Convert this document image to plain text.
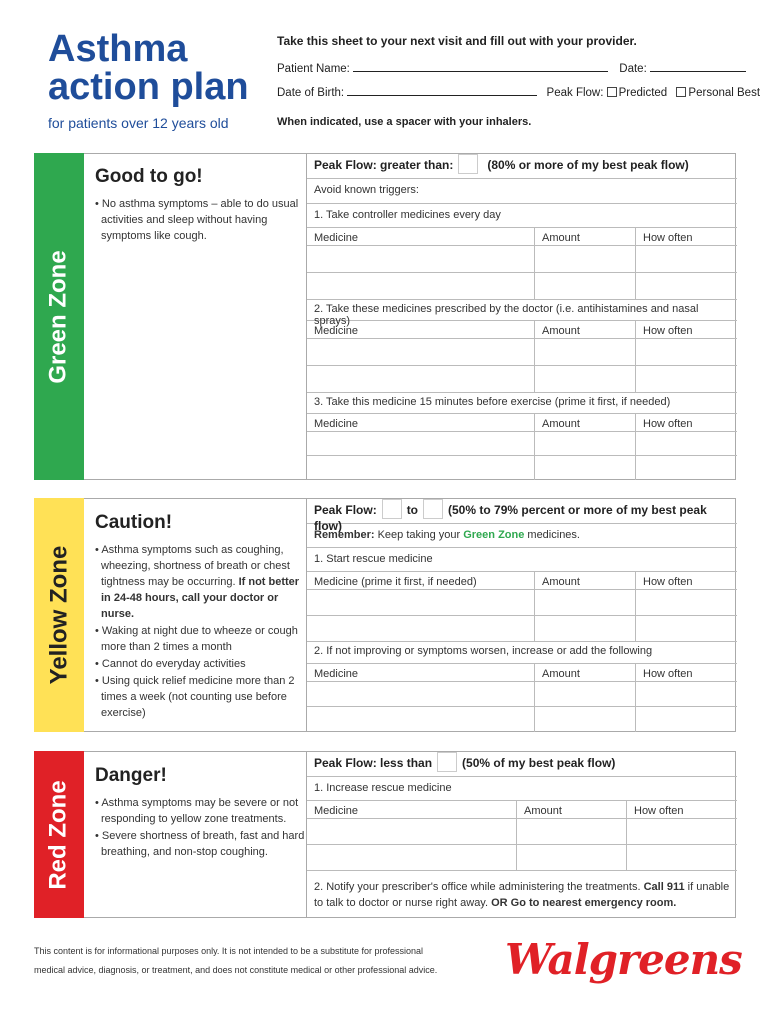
Asthma
action plan
for patients over 12 years old
Take this sheet to your next visit and fill out with your provider.
Patient Name:	Date:
Date of Birth:	Peak Flow: Predicted Personal Best
When indicated, use a spacer with your inhalers.
Green Zone
Good to go!
• No asthma symptoms – able to do usual activities and sleep without having symptoms like cough.
Peak Flow: greater than:	(80% or more of my best peak flow)
Avoid known triggers:
1. Take controller medicines every day
Medicine	Amount	How often
2. Take these medicines prescribed by the doctor (i.e. antihistamines and nasal sprays)
Medicine	Amount	How often
3. Take this medicine 15 minutes before exercise (prime it first, if needed)
Medicine	Amount	How often
Yellow Zone
Caution!
• Asthma symptoms such as coughing, wheezing, shortness of breath or chest tightness may be occurring. If not better in 24-48 hours, call your doctor or nurse.
• Waking at night due to wheeze or cough more than 2 times a month
• Cannot do everyday activities
• Using quick relief medicine more than 2 times a week (not counting use before exercise)
Peak Flow:	to	(50% to 79% percent or more of my best peak flow)
Remember: Keep taking your Green Zone medicines.
1. Start rescue medicine
Medicine (prime it first, if needed)	Amount	How often
2. If not improving or symptoms worsen, increase or add the following
Medicine	Amount	How often
Red Zone
Danger!
• Asthma symptoms may be severe or not responding to yellow zone treatments.
• Severe shortness of breath, fast and hard breathing, and non-stop coughing.
Peak Flow: less than	(50% of my best peak flow)
1. Increase rescue medicine
Medicine	Amount	How often
2. Notify your prescriber's office while administering the treatments. Call 911 if unable to talk to doctor or nurse right away. OR Go to nearest emergency room.
This content is for informational purposes only. It is not intended to be a substitute for professional
medical advice, diagnosis, or treatment, and does not constitute medical or other professional advice. Walgreens
